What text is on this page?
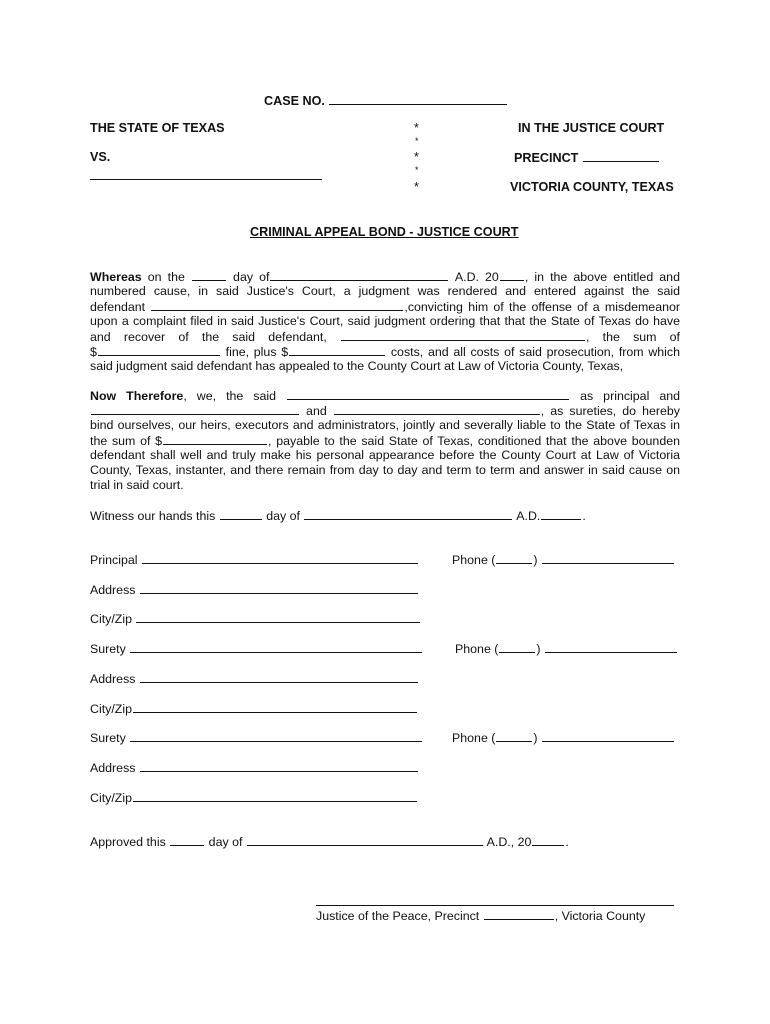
CASE NO.
THE STATE OF TEXAS
VS.
*
*
*
*
*
IN THE JUSTICE COURT
PRECINCT
VICTORIA COUNTY, TEXAS
CRIMINAL APPEAL BOND - JUSTICE COURT
Whereas on the	day of	A.D. 20 , in the above entitled and
numbered cause, in said Justice's Court, a judgment was rendered and entered against the said
defendant	,convicting him of the offense of a misdemeanor
upon a complaint filed in said Justice's Court, said judgment ordering that that the State of Texas do have
and recover of the said defendant,	, the sum of
$	fine, plus $	costs, and all costs of said prosecution, from which
said judgment said defendant has appealed to the County Court at Law of Victoria County, Texas,
Now Therefore, we, the said	as principal and
and	, as sureties, do hereby
bind ourselves, our heirs, executors and administrators, jointly and severally liable to the State of Texas in
the sum of $	, payable to the said State of Texas, conditioned that the above bounden
defendant shall well and truly make his personal appearance before the County Court at Law of Victoria
County, Texas, instanter, and there remain from day to day and term to term and answer in said cause on
trial in said court.
Witness our hands this	day of	A.D.	.
Principal	Phone (	)
Address
City/Zip
Surety	Phone (	)
Address
City/Zip
Surety	Phone (	)
Address
City/Zip
Approved this	day of	A.D., 20	.
Justice of the Peace, Precinct	, Victoria County
